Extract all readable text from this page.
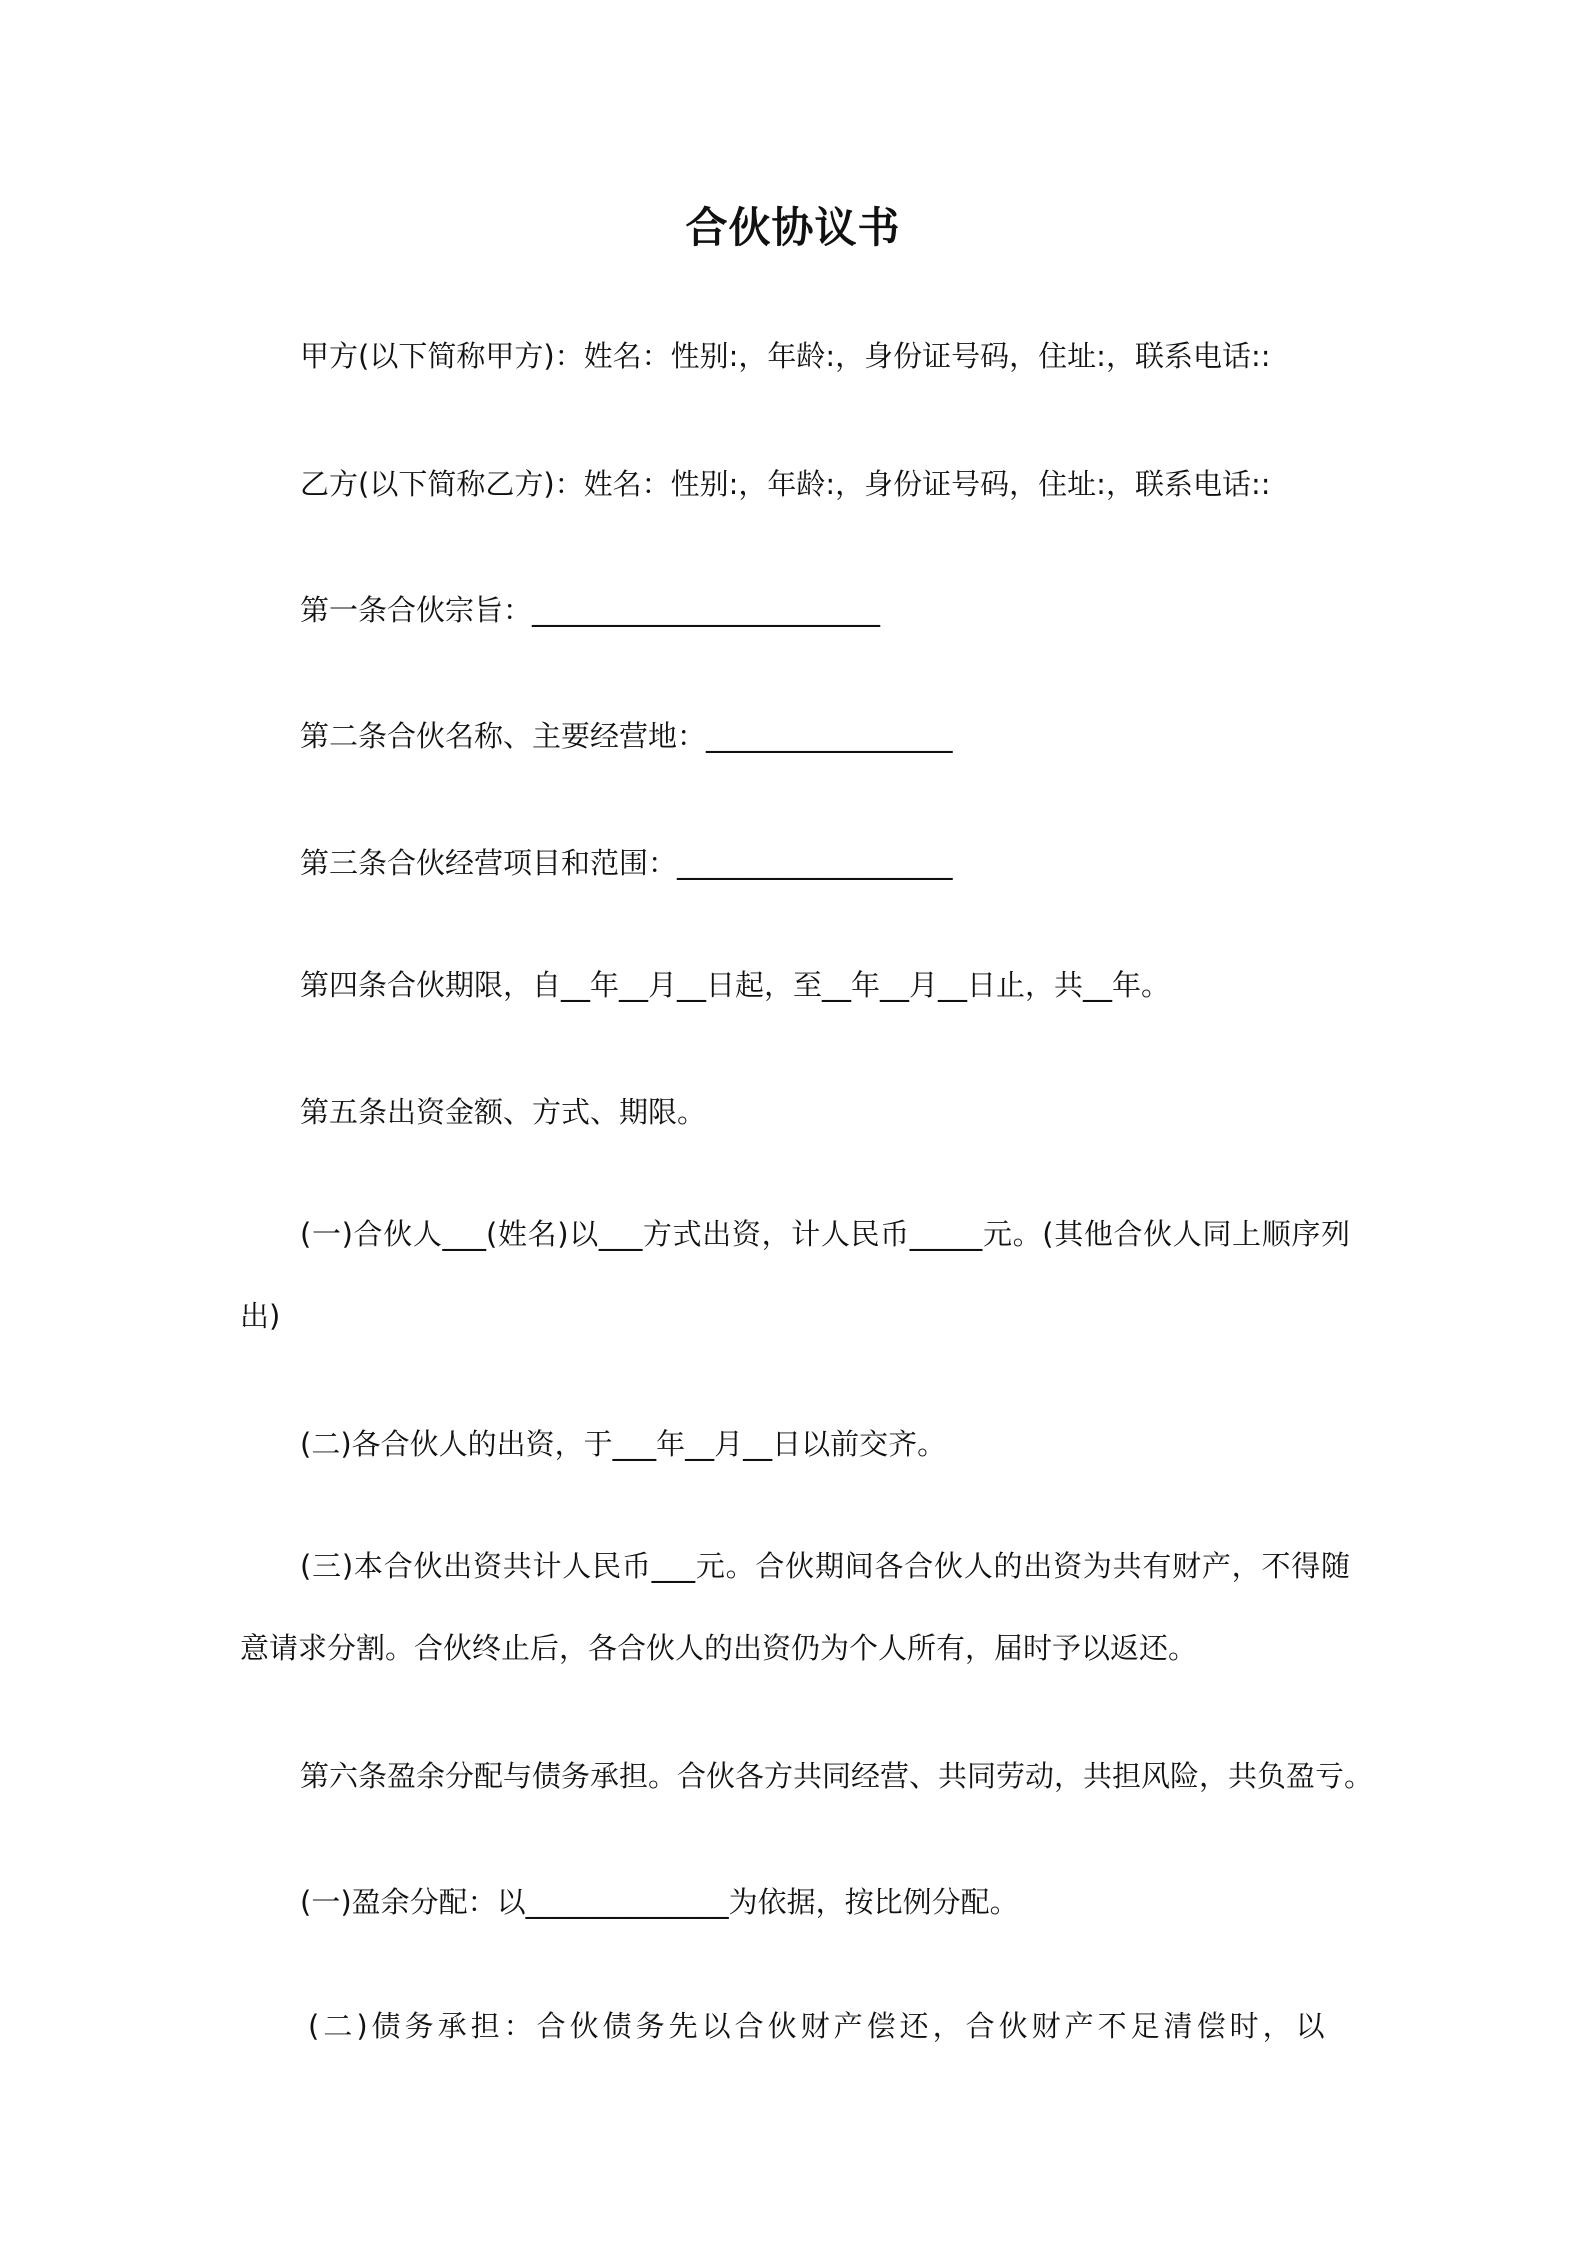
合伙协议书
甲方(以下简称甲方)：姓名：性别:，年龄:，身份证号码，住址:，联系电话::
乙方(以下简称乙方)：姓名：性别:，年龄:，身份证号码，住址:，联系电话::
第一条合伙宗旨：________________________
第二条合伙名称、主要经营地：_________________
第三条合伙经营项目和范围：___________________
第四条合伙期限，自__年__月__日起，至__年__月__日止，共__年。
第五条出资金额、方式、期限。
(一)合伙人___(姓名)以___方式出资，计人民币_____元。(其他合伙人同上顺序列
出)
(二)各合伙人的出资，于___年__月__日以前交齐。
(三)本合伙出资共计人民币___元。合伙期间各合伙人的出资为共有财产，不得随
意请求分割。合伙终止后，各合伙人的出资仍为个人所有，届时予以返还。
第六条盈余分配与债务承担。合伙各方共同经营、共同劳动，共担风险，共负盈亏。
(一)盈余分配：以______________为依据，按比例分配。
(二)债务承担：合伙债务先以合伙财产偿还，合伙财产不足清偿时，以
